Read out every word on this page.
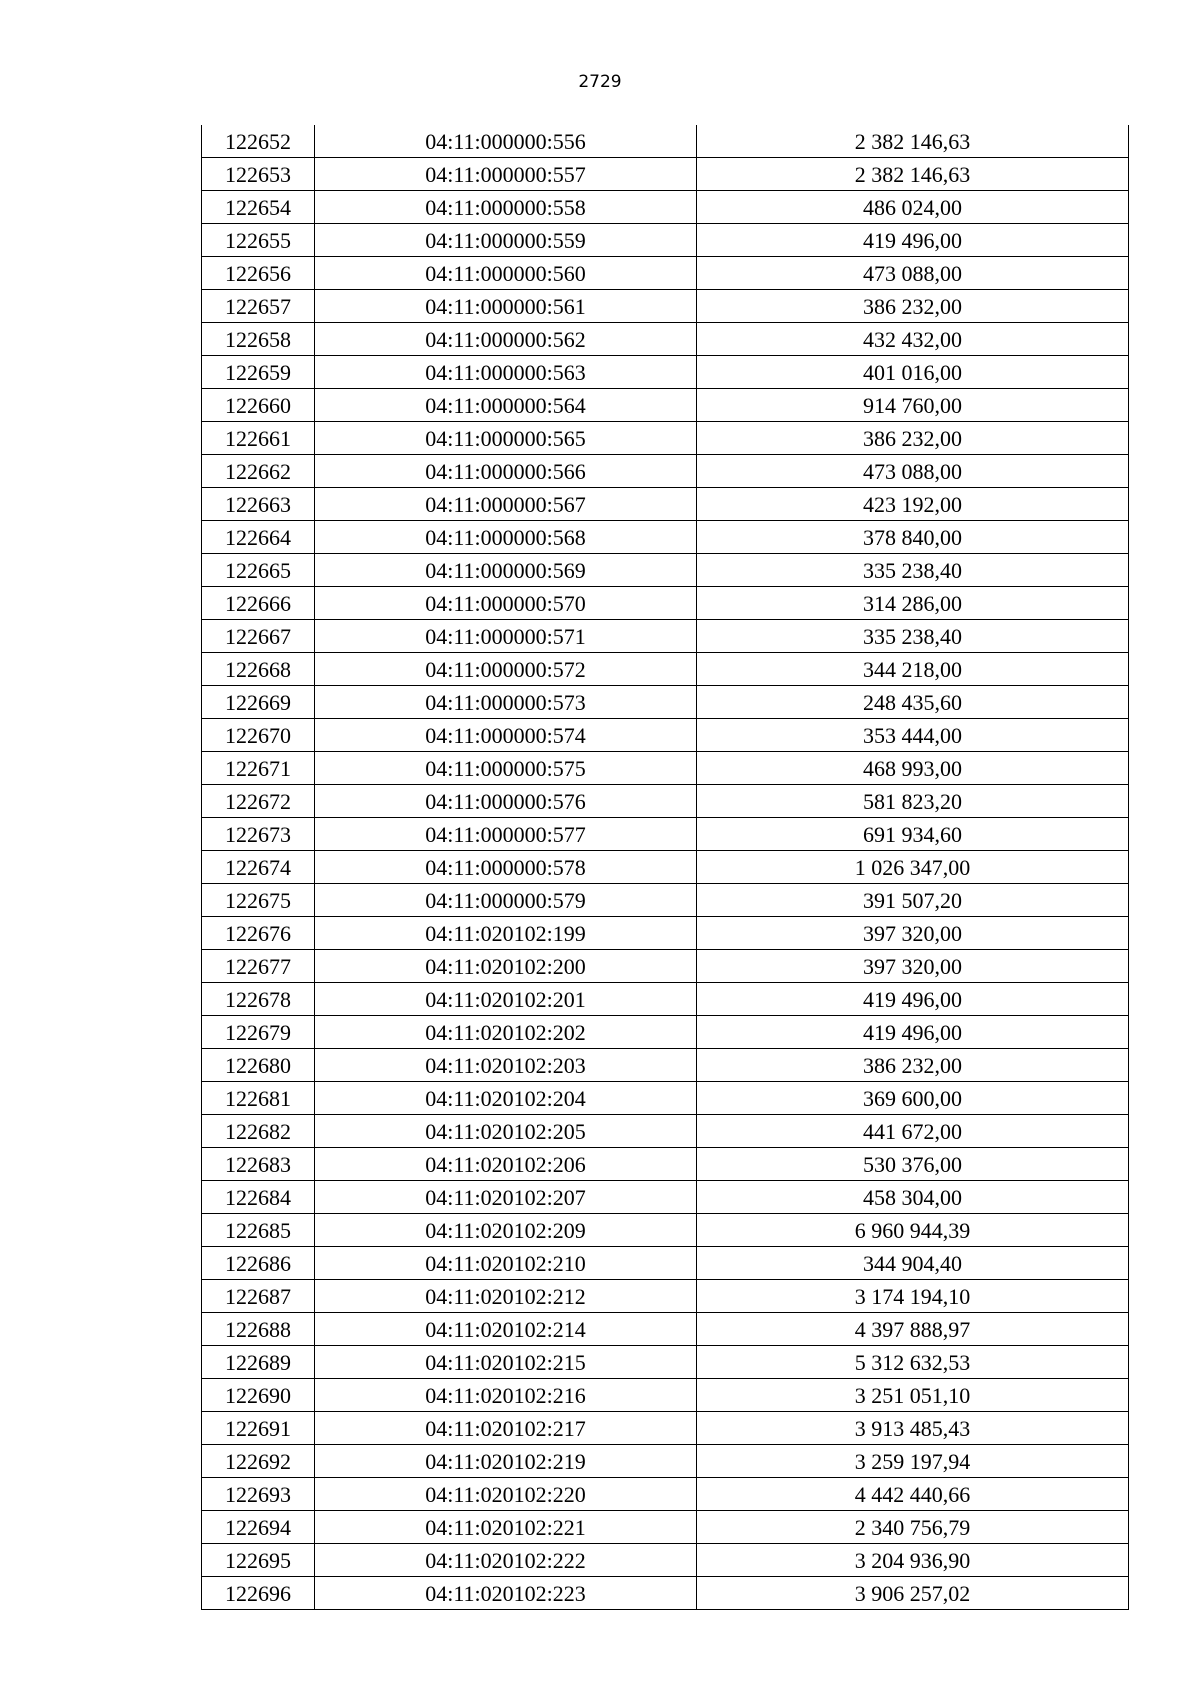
2729
122652	04:11:000000:556	2 382 146,63
122653	04:11:000000:557	2 382 146,63
122654	04:11:000000:558	486 024,00
122655	04:11:000000:559	419 496,00
122656	04:11:000000:560	473 088,00
122657	04:11:000000:561	386 232,00
122658	04:11:000000:562	432 432,00
122659	04:11:000000:563	401 016,00
122660	04:11:000000:564	914 760,00
122661	04:11:000000:565	386 232,00
122662	04:11:000000:566	473 088,00
122663	04:11:000000:567	423 192,00
122664	04:11:000000:568	378 840,00
122665	04:11:000000:569	335 238,40
122666	04:11:000000:570	314 286,00
122667	04:11:000000:571	335 238,40
122668	04:11:000000:572	344 218,00
122669	04:11:000000:573	248 435,60
122670	04:11:000000:574	353 444,00
122671	04:11:000000:575	468 993,00
122672	04:11:000000:576	581 823,20
122673	04:11:000000:577	691 934,60
122674	04:11:000000:578	1 026 347,00
122675	04:11:000000:579	391 507,20
122676	04:11:020102:199	397 320,00
122677	04:11:020102:200	397 320,00
122678	04:11:020102:201	419 496,00
122679	04:11:020102:202	419 496,00
122680	04:11:020102:203	386 232,00
122681	04:11:020102:204	369 600,00
122682	04:11:020102:205	441 672,00
122683	04:11:020102:206	530 376,00
122684	04:11:020102:207	458 304,00
122685	04:11:020102:209	6 960 944,39
122686	04:11:020102:210	344 904,40
122687	04:11:020102:212	3 174 194,10
122688	04:11:020102:214	4 397 888,97
122689	04:11:020102:215	5 312 632,53
122690	04:11:020102:216	3 251 051,10
122691	04:11:020102:217	3 913 485,43
122692	04:11:020102:219	3 259 197,94
122693	04:11:020102:220	4 442 440,66
122694	04:11:020102:221	2 340 756,79
122695	04:11:020102:222	3 204 936,90
122696	04:11:020102:223	3 906 257,02
